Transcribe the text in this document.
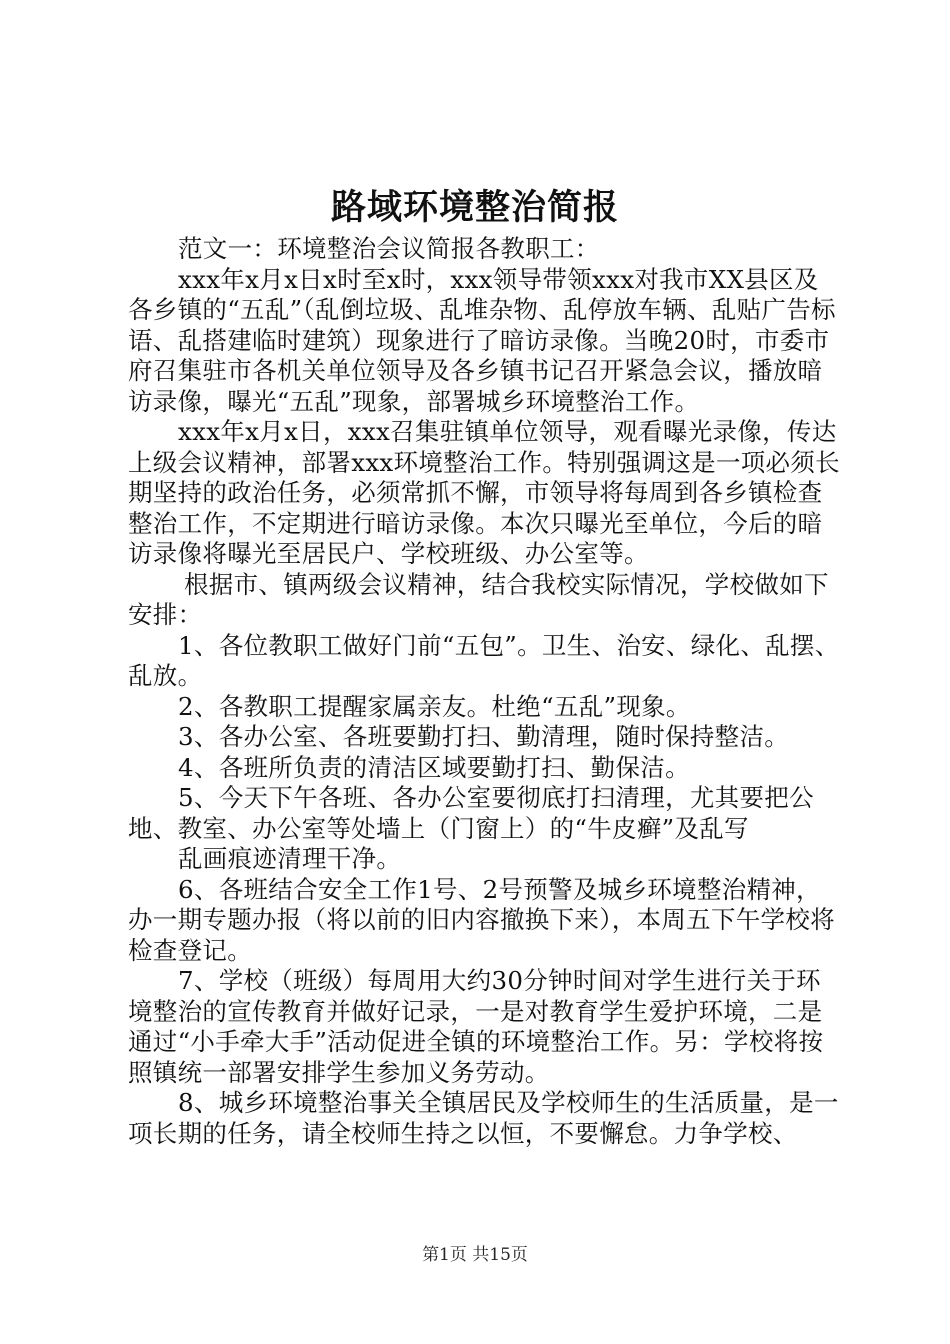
路域环境整治简报

范文一：环境整治会议简报各教职工：

xxx年x月x日x时至x时，xxx领导带领xxx对我市XX县区及各乡镇的“五乱”（乱倒垃圾、乱堆杂物、乱停放车辆、乱贴广告标语、乱搭建临时建筑）现象进行了暗访录像。当晚20时，市委市府召集驻市各机关单位领导及各乡镇书记召开紧急会议，播放暗访录像，曝光“五乱”现象，部署城乡环境整治工作。

xxx年x月x日，xxx召集驻镇单位领导，观看曝光录像，传达上级会议精神，部署xxx环境整治工作。特别强调这是一项必须长期坚持的政治任务，必须常抓不懈，市领导将每周到各乡镇检查整治工作，不定期进行暗访录像。本次只曝光至单位，今后的暗访录像将曝光至居民户、学校班级、办公室等。

根据市、镇两级会议精神，结合我校实际情况，学校做如下安排：

1、各位教职工做好门前“五包”。卫生、治安、绿化、乱摆、乱放。

2、各教职工提醒家属亲友。杜绝“五乱”现象。

3、各办公室、各班要勤打扫、勤清理，随时保持整洁。

4、各班所负责的清洁区域要勤打扫、勤保洁。

5、今天下午各班、各办公室要彻底打扫清理，尤其要把公地、教室、办公室等处墙上（门窗上）的“牛皮癣”及乱写

乱画痕迹清理干净。

6、各班结合安全工作1号、2号预警及城乡环境整治精神，办一期专题办报（将以前的旧内容撤换下来），本周五下午学校将检查登记。

7、学校（班级）每周用大约30分钟时间对学生进行关于环境整治的宣传教育并做好记录，一是对教育学生爱护环境，二是通过“小手牵大手”活动促进全镇的环境整治工作。另：学校将按照镇统一部署安排学生参加义务劳动。

8、城乡环境整治事关全镇居民及学校师生的生活质量，是一项长期的任务，请全校师生持之以恒，不要懈怠。力争学校、

第1页 共15页
